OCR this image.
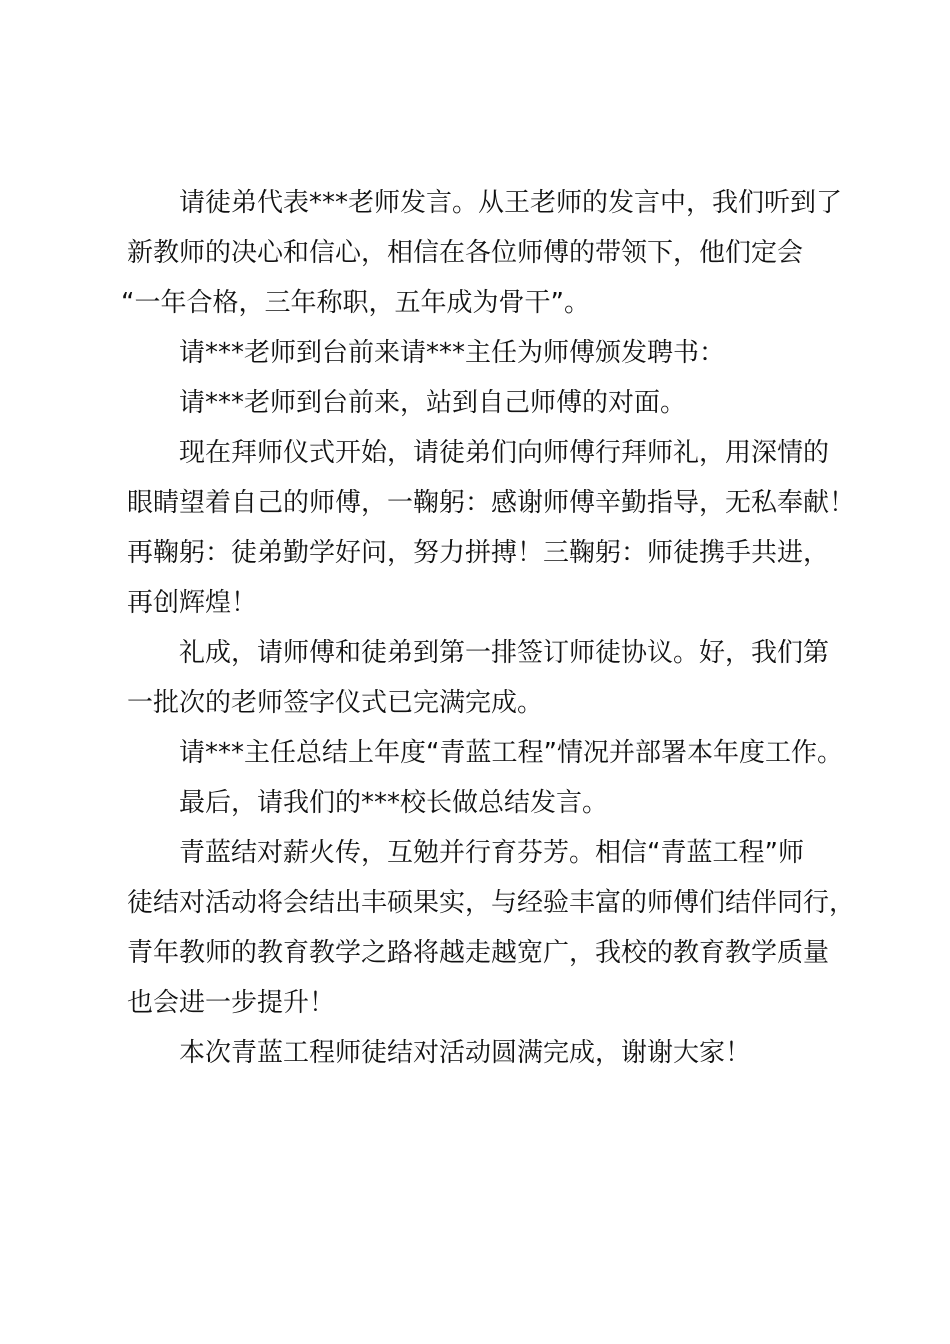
请徒弟代表***老师发言。从王老师的发言中，我们听到了
新教师的决心和信心，相信在各位师傅的带领下，他们定会
“一年合格，三年称职，五年成为骨干”。
请***老师到台前来请***主任为师傅颁发聘书：
请***老师到台前来，站到自己师傅的对面。
现在拜师仪式开始，请徒弟们向师傅行拜师礼，用深情的
眼睛望着自己的师傅，一鞠躬：感谢师傅辛勤指导，无私奉献！
再鞠躬：徒弟勤学好问，努力拼搏！三鞠躬：师徒携手共进，
再创辉煌！
礼成，请师傅和徒弟到第一排签订师徒协议。好，我们第
一批次的老师签字仪式已完满完成。
请***主任总结上年度“青蓝工程”情况并部署本年度工作。
最后，请我们的***校长做总结发言。
青蓝结对薪火传，互勉并行育芬芳。相信“青蓝工程”师
徒结对活动将会结出丰硕果实，与经验丰富的师傅们结伴同行，
青年教师的教育教学之路将越走越宽广，我校的教育教学质量
也会进一步提升！
本次青蓝工程师徒结对活动圆满完成，谢谢大家！
